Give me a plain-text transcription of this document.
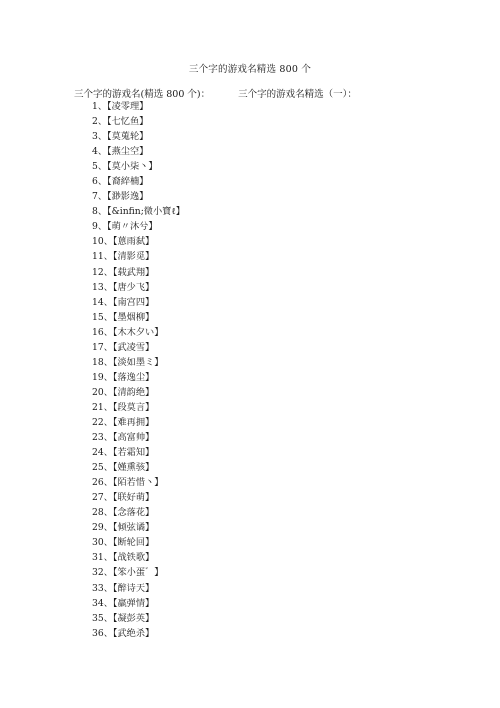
三个字的游戏名精选 800 个
三个字的游戏名(精选 800 个)：	三个字的游戏名精选（一）：
1、【凌零理】
2、【七忆鱼】
3、【莫蒐轮】
4、【燕尘空】
5、【莫小柒丶】
6、【裔綷楠】
7、【渺影逸】
8、【&infin;微小寶ℓ】
9、【萌〃沐兮】
10、【蒽雨弑】
11、【清影觅】
12、【载武翔】
13、【唐少飞】
14、【南宫四】
15、【墨烟柳】
16、【木木夕い】
17、【武凌雪】
18、【淡如墨ミ】
19、【落逸尘】
20、【清韵绝】
21、【段莫言】
22、【难再拥】
23、【高富帅】
24、【若霜知】
25、【嫤熏骇】
26、【陌若惜丶】
27、【联好萌】
28、【念落花】
29、【倾弦谲】
30、【断轮回】
31、【战铁歌】
32、【笨小蛋゛】
33、【醉诗天】
34、【羸弹情】
35、【凝彭英】
36、【武绝杀】
